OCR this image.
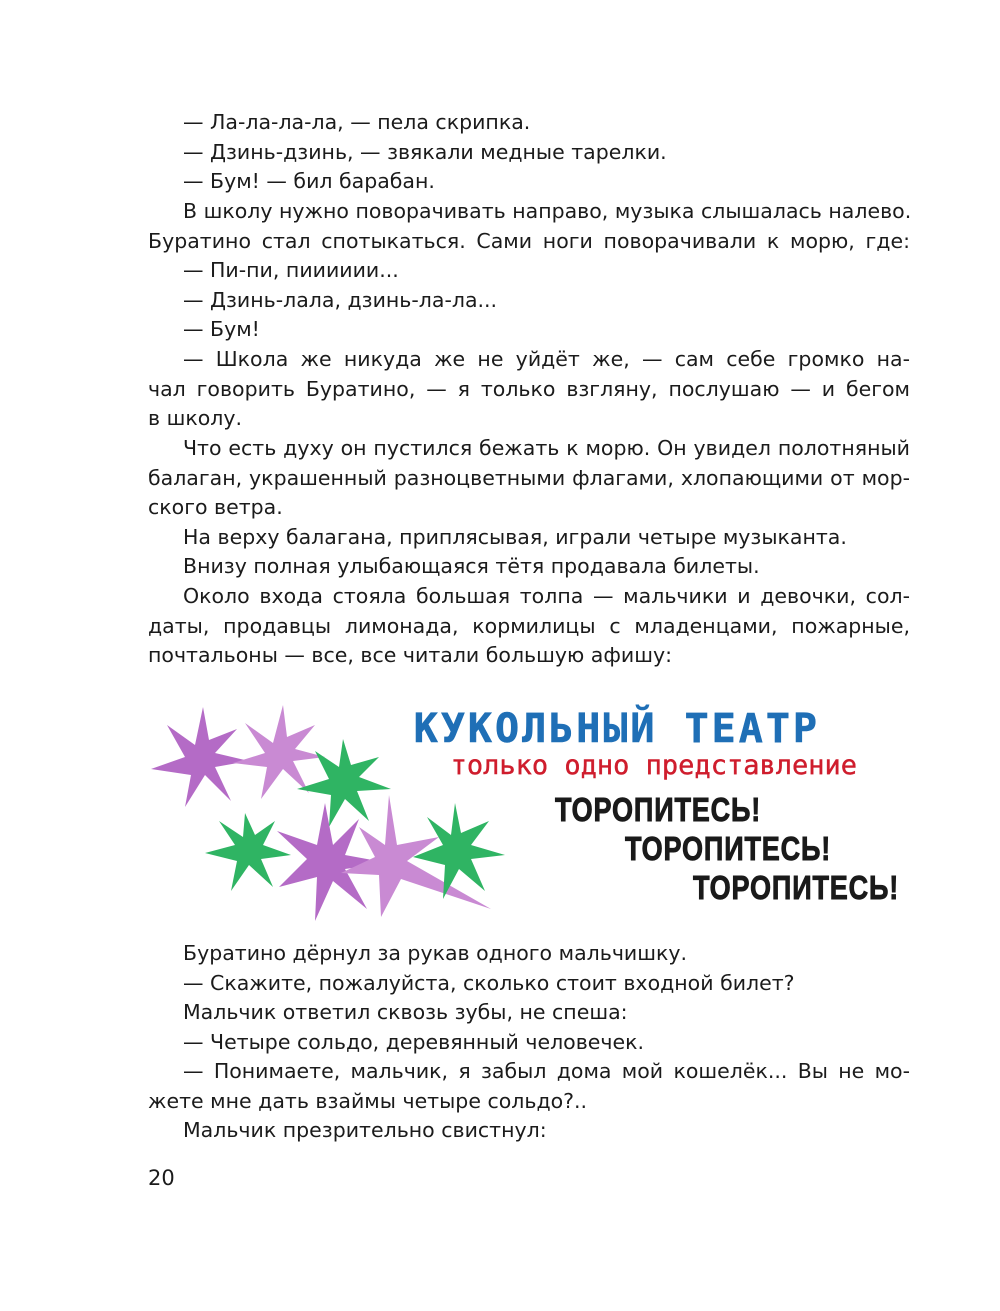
— Ла-ла-ла-ла, — пела скрипка.
— Дзинь-дзинь, — звякали медные тарелки.
— Бум! — бил барабан.
В школу нужно поворачивать направо, музыка слышалась налево.
Буратино стал спотыкаться. Сами ноги поворачивали к морю, где:
— Пи-пи, пииииии...
— Дзинь-лала, дзинь-ла-ла...
— Бум!
— Школа же никуда же не уйдёт же, — сам себе громко на-
чал говорить Буратино, — я только взгляну, послушаю — и бегом
в школу.
Что есть духу он пустился бежать к морю. Он увидел полотняный
балаган, украшенный разноцветными флагами, хлопающими от мор-
ского ветра.
На верху балагана, приплясывая, играли четыре музыканта.
Внизу полная улыбающаяся тётя продавала билеты.
Около входа стояла большая толпа — мальчики и девочки, сол-
даты, продавцы лимонада, кормилицы с младенцами, пожарные,
почтальоны — все, все читали большую афишу:
КУКОЛЬНЫЙ ТЕАТР
только одно представление
ТОРОПИТЕСЬ!
ТОРОПИТЕСЬ!
ТОРОПИТЕСЬ!
Буратино дёрнул за рукав одного мальчишку.
— Скажите, пожалуйста, сколько стоит входной билет?
Мальчик ответил сквозь зубы, не спеша:
— Четыре сольдо, деревянный человечек.
— Понимаете, мальчик, я забыл дома мой кошелёк... Вы не мо-
жете мне дать взаймы четыре сольдо?..
Мальчик презрительно свистнул:
20
